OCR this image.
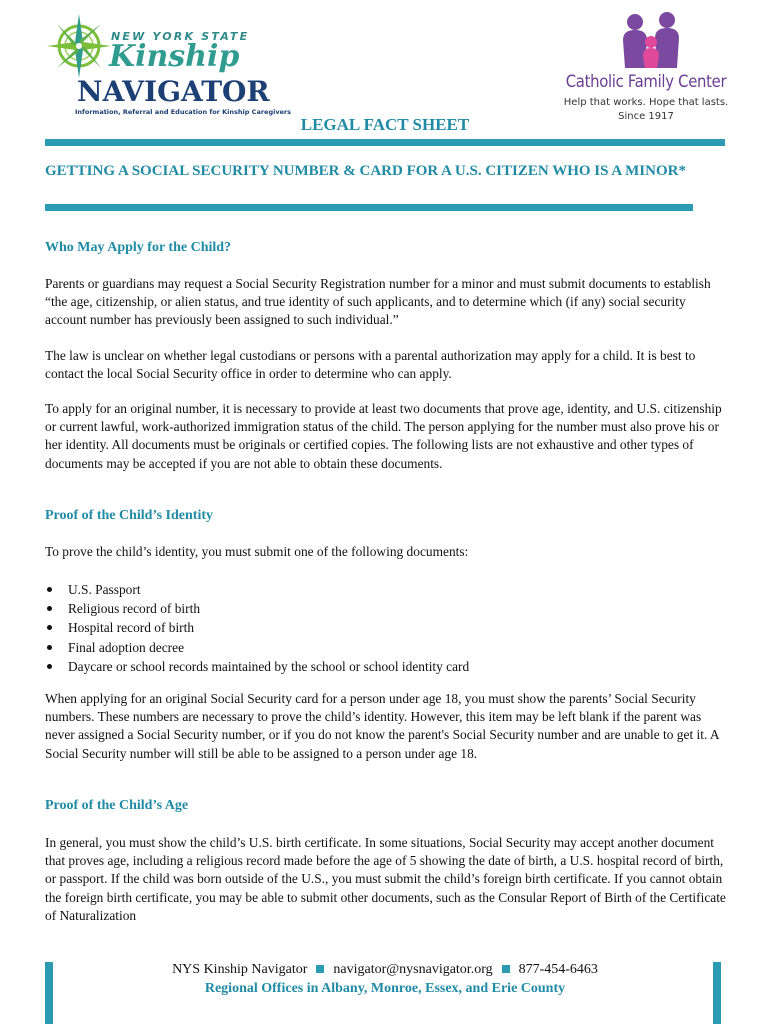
NEW YORK STATE
Kinship
NAVIGATOR
Information, Referral and Education for Kinship Caregivers
Catholic Family Center
Help that works. Hope that lasts.
Since 1917
LEGAL FACT SHEET
GETTING A SOCIAL SECURITY NUMBER & CARD FOR A U.S. CITIZEN WHO IS A MINOR*
Who May Apply for the Child?
Parents or guardians may request a Social Security Registration number for a minor and must submit documents to establish “the age, citizenship, or alien status, and true identity of such applicants, and to determine which (if any) social security account number has previously been assigned to such individual.”
The law is unclear on whether legal custodians or persons with a parental authorization may apply for a child. It is best to contact the local Social Security office in order to determine who can apply.
To apply for an original number, it is necessary to provide at least two documents that prove age, identity, and U.S. citizenship or current lawful, work-authorized immigration status of the child. The person applying for the number must also prove his or her identity. All documents must be originals or certified copies. The following lists are not exhaustive and other types of documents may be accepted if you are not able to obtain these documents.
Proof of the Child’s Identity
To prove the child’s identity, you must submit one of the following documents:
U.S. Passport
Religious record of birth
Hospital record of birth
Final adoption decree
Daycare or school records maintained by the school or school identity card
When applying for an original Social Security card for a person under age 18, you must show the parents’ Social Security numbers. These numbers are necessary to prove the child’s identity. However, this item may be left blank if the parent was never assigned a Social Security number, or if you do not know the parent's Social Security number and are unable to get it. A Social Security number will still be able to be assigned to a person under age 18.
Proof of the Child’s Age
In general, you must show the child’s U.S. birth certificate. In some situations, Social Security may accept another document that proves age, including a religious record made before the age of 5 showing the date of birth, a U.S. hospital record of birth, or passport. If the child was born outside of the U.S., you must submit the child’s foreign birth certificate. If you cannot obtain the foreign birth certificate, you may be able to submit other documents, such as the Consular Report of Birth of the Certificate of Naturalization
NYS Kinship Navigator navigator@nysnavigator.org 877-454-6463
Regional Offices in Albany, Monroe, Essex, and Erie County
